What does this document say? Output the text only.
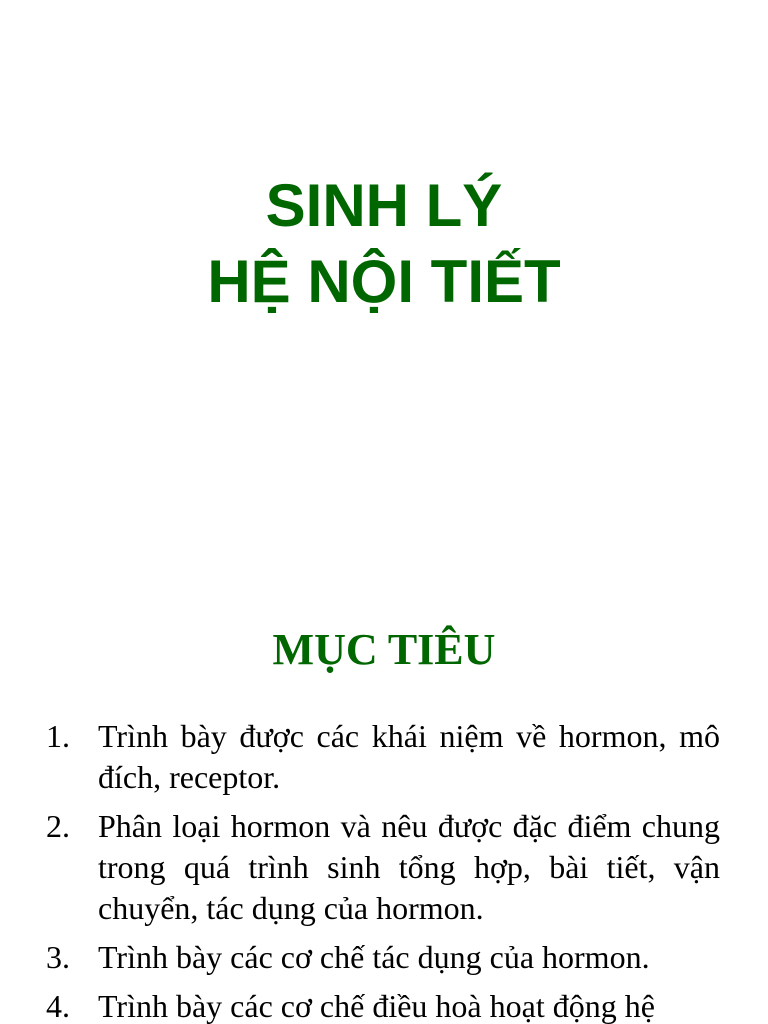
SINH LÝ
HỆ NỘI TIẾT
MỤC TIÊU
1. Trình bày được các khái niệm về hormon, mô đích, receptor.
2. Phân loại hormon và nêu được đặc điểm chung trong quá trình sinh tổng hợp, bài tiết, vận chuyển, tác dụng của hormon.
3. Trình bày các cơ chế tác dụng của hormon.
4. Trình bày các cơ chế điều hoà hoạt động hệ
